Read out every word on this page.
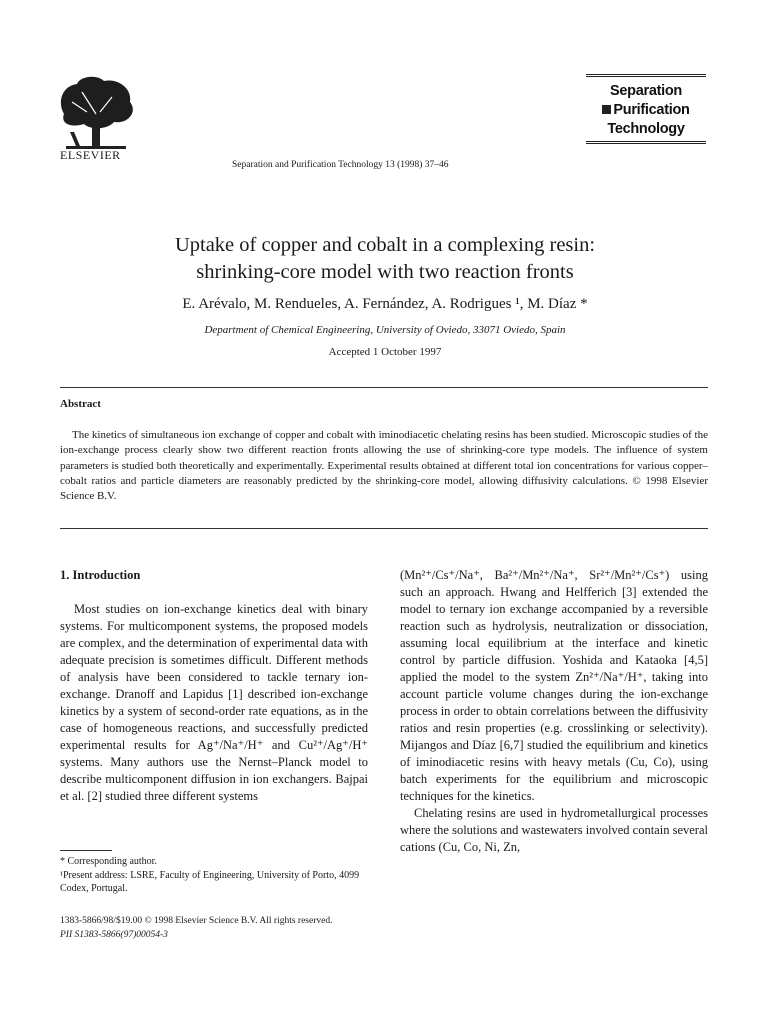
ELSEVIER
Separation and Purification Technology 13 (1998) 37–46
Separation
Purification
Technology
Uptake of copper and cobalt in a complexing resin:
shrinking-core model with two reaction fronts
E. Arévalo, M. Rendueles, A. Fernández, A. Rodrigues ¹, M. Díaz *
Department of Chemical Engineering, University of Oviedo, 33071 Oviedo, Spain
Accepted 1 October 1997
Abstract
The kinetics of simultaneous ion exchange of copper and cobalt with iminodiacetic chelating resins has been studied. Microscopic studies of the ion-exchange process clearly show two different reaction fronts allowing the use of shrinking-core type models. The influence of system parameters is studied both theoretically and experimentally. Experimental results obtained at different total ion concentrations for various copper–cobalt ratios and particle diameters are reasonably predicted by the shrinking-core model, allowing diffusivity calculations. © 1998 Elsevier Science B.V.

1. Introduction

Most studies on ion-exchange kinetics deal with binary systems. For multicomponent systems, the proposed models are complex, and the determination of experimental data with adequate precision is sometimes difficult. Different methods of analysis have been considered to tackle ternary ion-exchange. Dranoff and Lapidus [1] described ion-exchange kinetics by a system of second-order rate equations, as in the case of homogeneous reactions, and successfully predicted experimental results for Ag⁺/Na⁺/H⁺ and Cu²⁺/Ag⁺/H⁺ systems. Many authors use the Nernst–Planck model to describe multicomponent diffusion in ion exchangers. Bajpai et al. [2] studied three different systems

(Mn²⁺/Cs⁺/Na⁺, Ba²⁺/Mn²⁺/Na⁺, Sr²⁺/Mn²⁺/Cs⁺) using such an approach. Hwang and Helfferich [3] extended the model to ternary ion exchange accompanied by a reversible reaction such as hydrolysis, neutralization or dissociation, assuming local equilibrium at the interface and kinetic control by particle diffusion. Yoshida and Kataoka [4,5] applied the model to the system Zn²⁺/Na⁺/H⁺, taking into account particle volume changes during the ion-exchange process in order to obtain correlations between the diffusivity ratios and resin properties (e.g. crosslinking or selectivity). Mijangos and Díaz [6,7] studied the equilibrium and kinetics of iminodiacetic resins with heavy metals (Cu, Co), using batch experiments for the equilibrium and microscopic techniques for the kinetics.

Chelating resins are used in hydrometallurgical processes where the solutions and wastewaters involved contain several cations (Cu, Co, Ni, Zn,

* Corresponding author.

¹Present address: LSRE, Faculty of Engineering, University of Porto, 4099 Codex, Portugal.

1383-5866/98/$19.00 © 1998 Elsevier Science B.V. All rights reserved.

PII S1383-5866(97)00054-3
